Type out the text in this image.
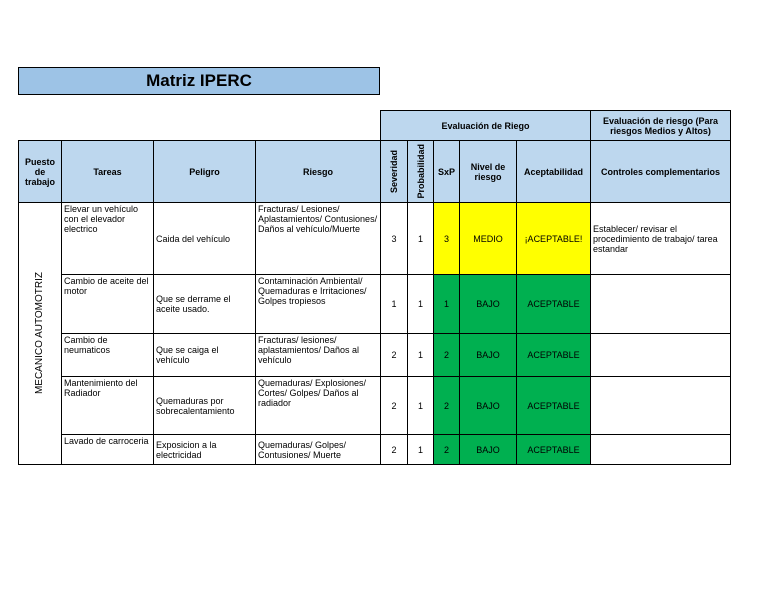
Matriz IPERC
				Evaluación de Riego					Evaluación de riesgo (Para riesgos Medios y Altos)
Puesto de trabajo	Tareas	Peligro	Riesgo	Severidad	Probabilidad	SxP	Nivel de riesgo	Aceptabilidad	Controles complementarios

MECANICO AUTOMOTRIZ	Elevar un vehículo con el elevador electrico	Caida del vehículo	Fracturas/ Lesiones/ Aplastamientos/ Contusiones/ Daños al vehículo/Muerte	3	1	3	MEDIO	¡ACEPTABLE!	Establecer/ revisar el procedimiento de trabajo/ tarea estandar
	Cambio de aceite del motor	Que se derrame el aceite usado.	Contaminación Ambiental/ Quemaduras e Irritaciones/ Golpes tropiesos	1	1	1	BAJO	ACEPTABLE	
	Cambio de neumaticos	Que se caiga el vehículo	Fracturas/ lesiones/ aplastamientos/ Daños al vehículo	2	1	2	BAJO	ACEPTABLE	
	Mantenimiento del Radiador	Quemaduras por sobrecalentamiento	Quemaduras/ Explosiones/ Cortes/ Golpes/ Daños al radiador	2	1	2	BAJO	ACEPTABLE	
	Lavado de carroceria	Exposicion a la electricidad	Quemaduras/ Golpes/ Contusiones/ Muerte	2	1	2	BAJO	ACEPTABLE	
